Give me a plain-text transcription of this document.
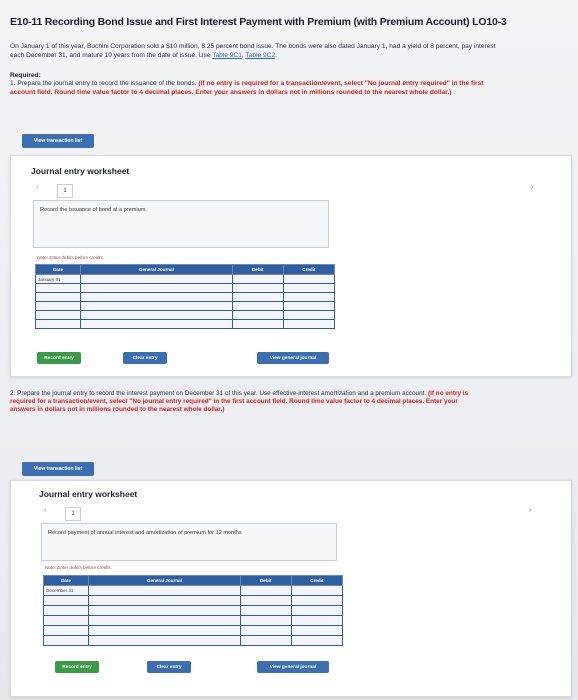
E10-11 Recording Bond Issue and First Interest Payment with Premium (with Premium Account) LO10-3
On January 1 of this year, Bochini Corporation sold a $10 million, 8.25 percent bond issue. The bonds were also dated January 1, had a yield of 8 percent, pay interest each December 31, and mature 10 years from the date of issue. Use Table 9C1, Table 9C2.
Required:
1. Prepare the journal entry to record the issuance of the bonds. (If no entry is required for a transaction/event, select "No journal entry required" in the first account field. Round time value factor to 4 decimal places. Enter your answers in dollars not in millions rounded to the nearest whole dollar.)
View transaction list
Journal entry worksheet
‹	1	›
Record the issuance of bond at a premium.
Note: Enter debits before credits.
Date	General Journal	Debit	Credit
January 01			

Record entry	Clear entry	View general journal
2. Prepare the journal entry to record the interest payment on December 31 of this year. Use effective-interest amortization and a premium account. (If no entry is required for a transaction/event, select "No journal entry required" in the first account field. Round time value factor to 4 decimal places. Enter your answers in dollars not in millions rounded to the nearest whole dollar.)
View transaction list
Journal entry worksheet
‹	1	›
Record payment of annual interest and amortization of premium for 12 months
Note: Enter debits before credits.
Date	General Journal	Debit	Credit
December 31			

Record entry	Clear entry	View general journal
